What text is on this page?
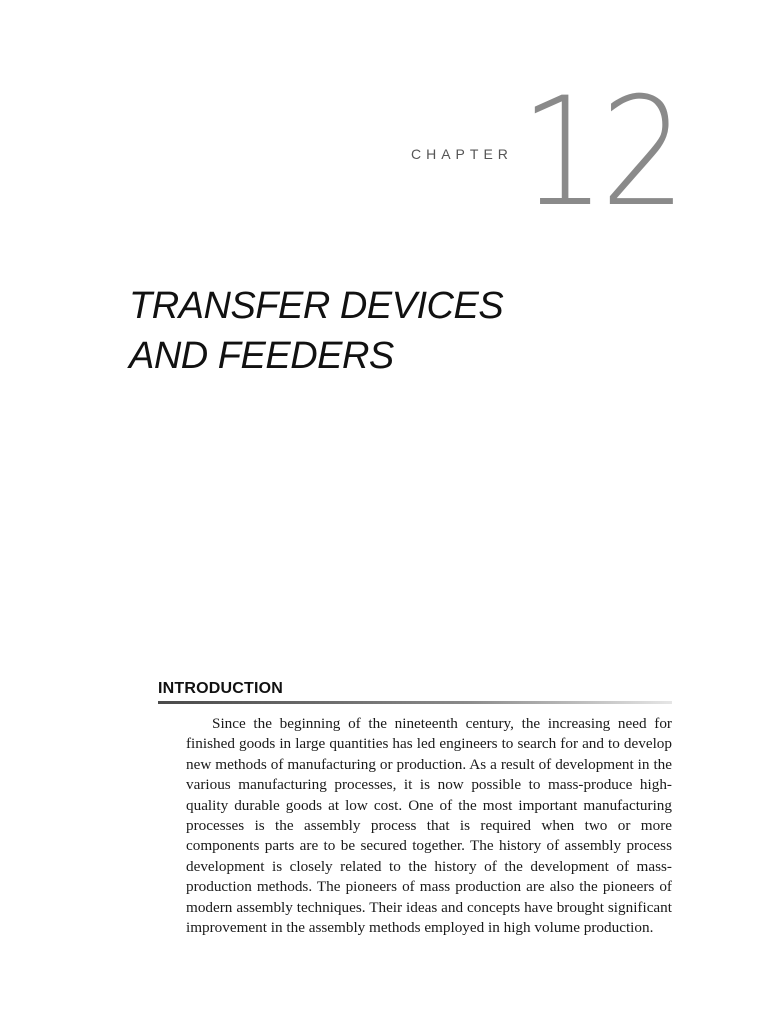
CHAPTER 12
TRANSFER DEVICES
AND FEEDERS
INTRODUCTION

Since the beginning of the nineteenth century, the increasing need for finished goods in large quantities has led engineers to search for and to develop new methods of manufacturing or production. As a result of development in the various manufacturing processes, it is now possible to mass-produce high-quality durable goods at low cost. One of the most important manufacturing processes is the assembly process that is required when two or more components parts are to be secured together. The history of assembly process development is closely related to the history of the development of mass-production methods. The pioneers of mass production are also the pioneers of modern assembly techniques. Their ideas and concepts have brought significant improvement in the assembly methods employed in high volume production.
